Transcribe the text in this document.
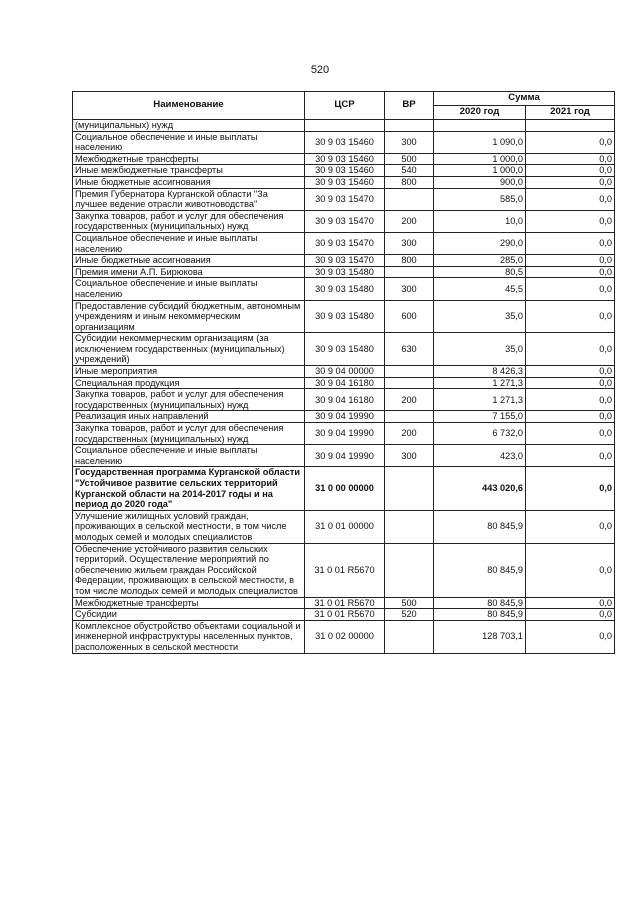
520
Наименование	ЦСР	ВР	Сумма	
			2020 год	2021 год
(муниципальных) нужд				
Социальное обеспечение и иные выплаты населению	30 9 03 15460	300	1 090,0	0,0
Межбюджетные трансферты	30 9 03 15460	500	1 000,0	0,0
Иные межбюджетные трансферты	30 9 03 15460	540	1 000,0	0,0
Иные бюджетные ассигнования	30 9 03 15460	800	900,0	0,0
Премия Губернатора Курганской области "За лучшее ведение отрасли животноводства"	30 9 03 15470		585,0	0,0
Закупка товаров, работ и услуг для обеспечения государственных (муниципальных) нужд	30 9 03 15470	200	10,0	0,0
Социальное обеспечение и иные выплаты населению	30 9 03 15470	300	290,0	0,0
Иные бюджетные ассигнования	30 9 03 15470	800	285,0	0,0
Премия имени А.П. Бирюкова	30 9 03 15480		80,5	0,0
Социальное обеспечение и иные выплаты населению	30 9 03 15480	300	45,5	0,0
Предоставление субсидий бюджетным, автономным учреждениям и иным некоммерческим организациям	30 9 03 15480	600	35,0	0,0
Субсидии некоммерческим организациям (за исключением государственных (муниципальных) учреждений)	30 9 03 15480	630	35,0	0,0
Иные мероприятия	30 9 04 00000		8 426,3	0,0
Специальная продукция	30 9 04 16180		1 271,3	0,0
Закупка товаров, работ и услуг для обеспечения государственных (муниципальных) нужд	30 9 04 16180	200	1 271,3	0,0
Реализация иных направлений	30 9 04 19990		7 155,0	0,0
Закупка товаров, работ и услуг для обеспечения государственных (муниципальных) нужд	30 9 04 19990	200	6 732,0	0,0
Социальное обеспечение и иные выплаты населению	30 9 04 19990	300	423,0	0,0
Государственная программа Курганской области "Устойчивое развитие сельских территорий Курганской области на 2014-2017 годы и на период до 2020 года"	31 0 00 00000		443 020,6	0,0
Улучшение жилищных условий граждан, проживающих в сельской местности, в том числе молодых семей и молодых специалистов	31 0 01 00000		80 845,9	0,0
Обеспечение устойчивого развития сельских территорий. Осуществление мероприятий по обеспечению жильем граждан Российской Федерации, проживающих в сельской местности, в том числе молодых семей и молодых специалистов	31 0 01 R5670		80 845,9	0,0
Межбюджетные трансферты	31 0 01 R5670	500	80 845,9	0,0
Субсидии	31 0 01 R5670	520	80 845,9	0,0
Комплексное обустройство объектами социальной и инженерной инфраструктуры населенных пунктов, расположенных в сельской местности	31 0 02 00000		128 703,1	0,0
